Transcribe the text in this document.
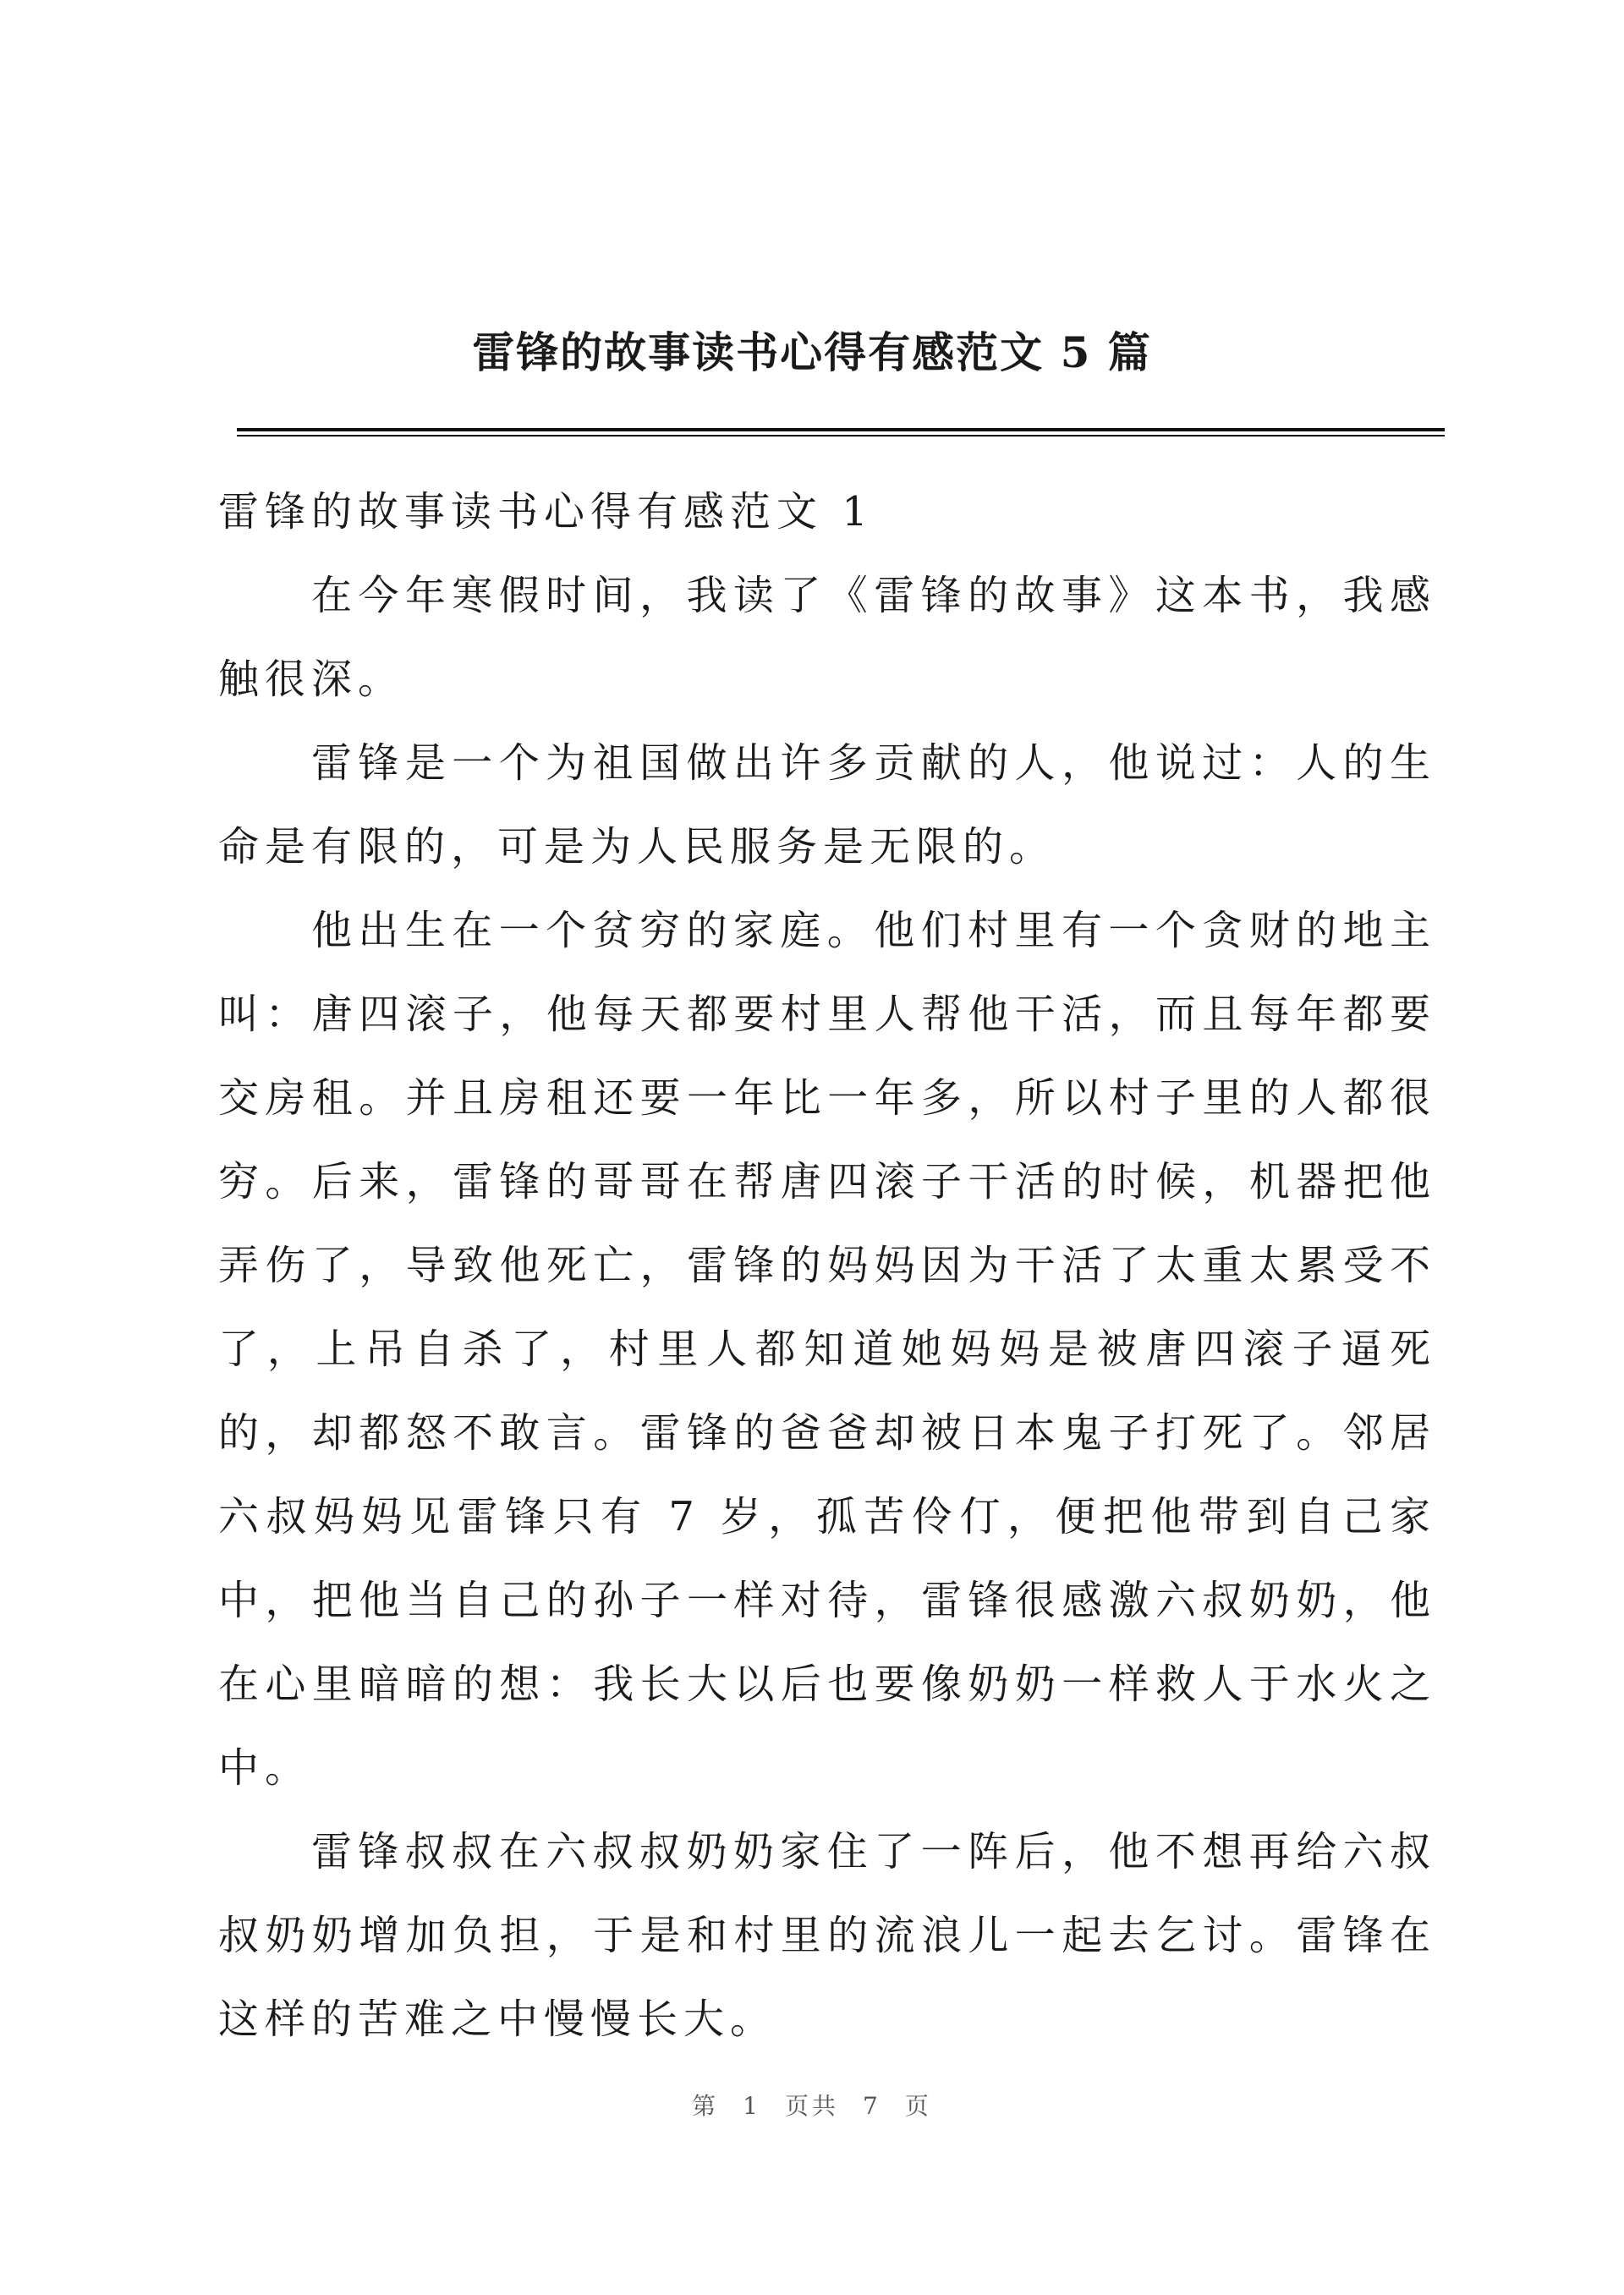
雷锋的故事读书心得有感范文 5 篇

雷锋的故事读书心得有感范文 1

在今年寒假时间，我读了《雷锋的故事》这本书，我感触很深。

雷锋是一个为祖国做出许多贡献的人，他说过：人的生命是有限的，可是为人民服务是无限的。

他出生在一个贫穷的家庭。他们村里有一个贪财的地主叫：唐四滚子，他每天都要村里人帮他干活，而且每年都要交房租。并且房租还要一年比一年多，所以村子里的人都很穷。后来，雷锋的哥哥在帮唐四滚子干活的时候，机器把他弄伤了，导致他死亡，雷锋的妈妈因为干活了太重太累受不了，上吊自杀了，村里人都知道她妈妈是被唐四滚子逼死的，却都怒不敢言。雷锋的爸爸却被日本鬼子打死了。邻居六叔妈妈见雷锋只有 7 岁，孤苦伶仃，便把他带到自己家中，把他当自己的孙子一样对待，雷锋很感激六叔奶奶，他在心里暗暗的想：我长大以后也要像奶奶一样救人于水火之中。

雷锋叔叔在六叔叔奶奶家住了一阵后，他不想再给六叔叔奶奶增加负担，于是和村里的流浪儿一起去乞讨。雷锋在这样的苦难之中慢慢长大。

第 1 页共 7 页
